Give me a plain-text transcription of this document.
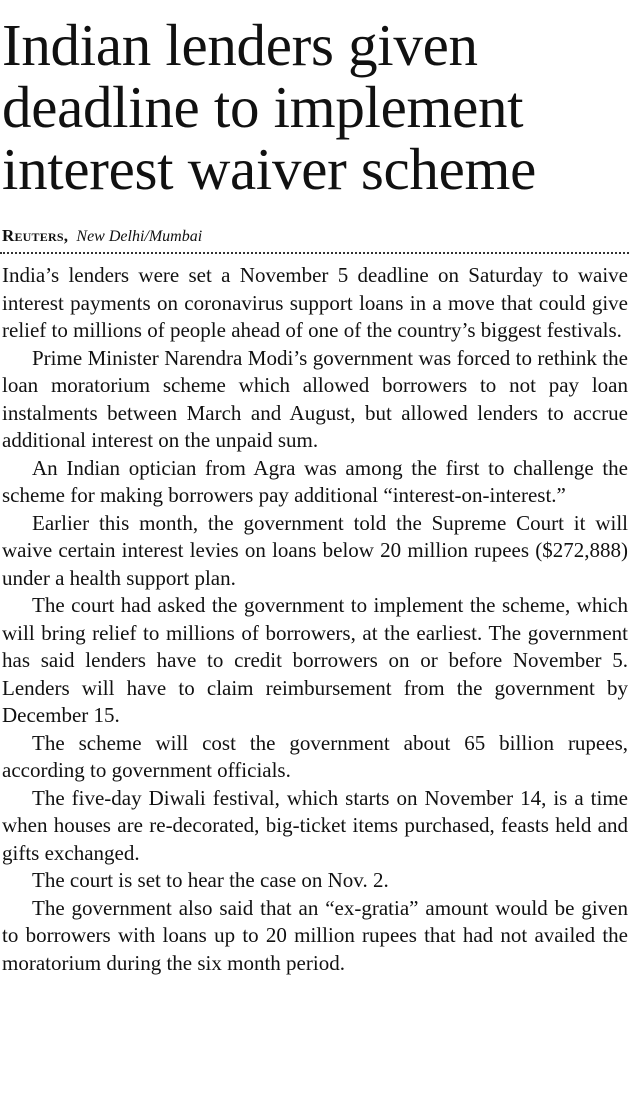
Indian lenders given deadline to implement interest waiver scheme
Reuters, New Delhi/Mumbai

India’s lenders were set a November 5 deadline on Saturday to waive interest payments on coronavirus support loans in a move that could give relief to millions of people ahead of one of the country’s biggest festivals.

Prime Minister Narendra Modi’s government was forced to rethink the loan moratorium scheme which allowed borrowers to not pay loan instalments between March and August, but allowed lenders to accrue additional interest on the unpaid sum.

An Indian optician from Agra was among the first to challenge the scheme for making borrowers pay additional “interest-on-interest.”

Earlier this month, the government told the Supreme Court it will waive certain interest levies on loans below 20 million rupees ($272,888) under a health support plan.

The court had asked the government to implement the scheme, which will bring relief to millions of borrowers, at the earliest. The government has said lenders have to credit borrowers on or before November 5. Lenders will have to claim reimbursement from the government by December 15.

The scheme will cost the government about 65 billion rupees, according to government officials.

The five-day Diwali festival, which starts on November 14, is a time when houses are re-decorated, big-ticket items purchased, feasts held and gifts exchanged.

The court is set to hear the case on Nov. 2.

The government also said that an “ex-gratia” amount would be given to borrowers with loans up to 20 million rupees that had not availed the moratorium during the six month period.
